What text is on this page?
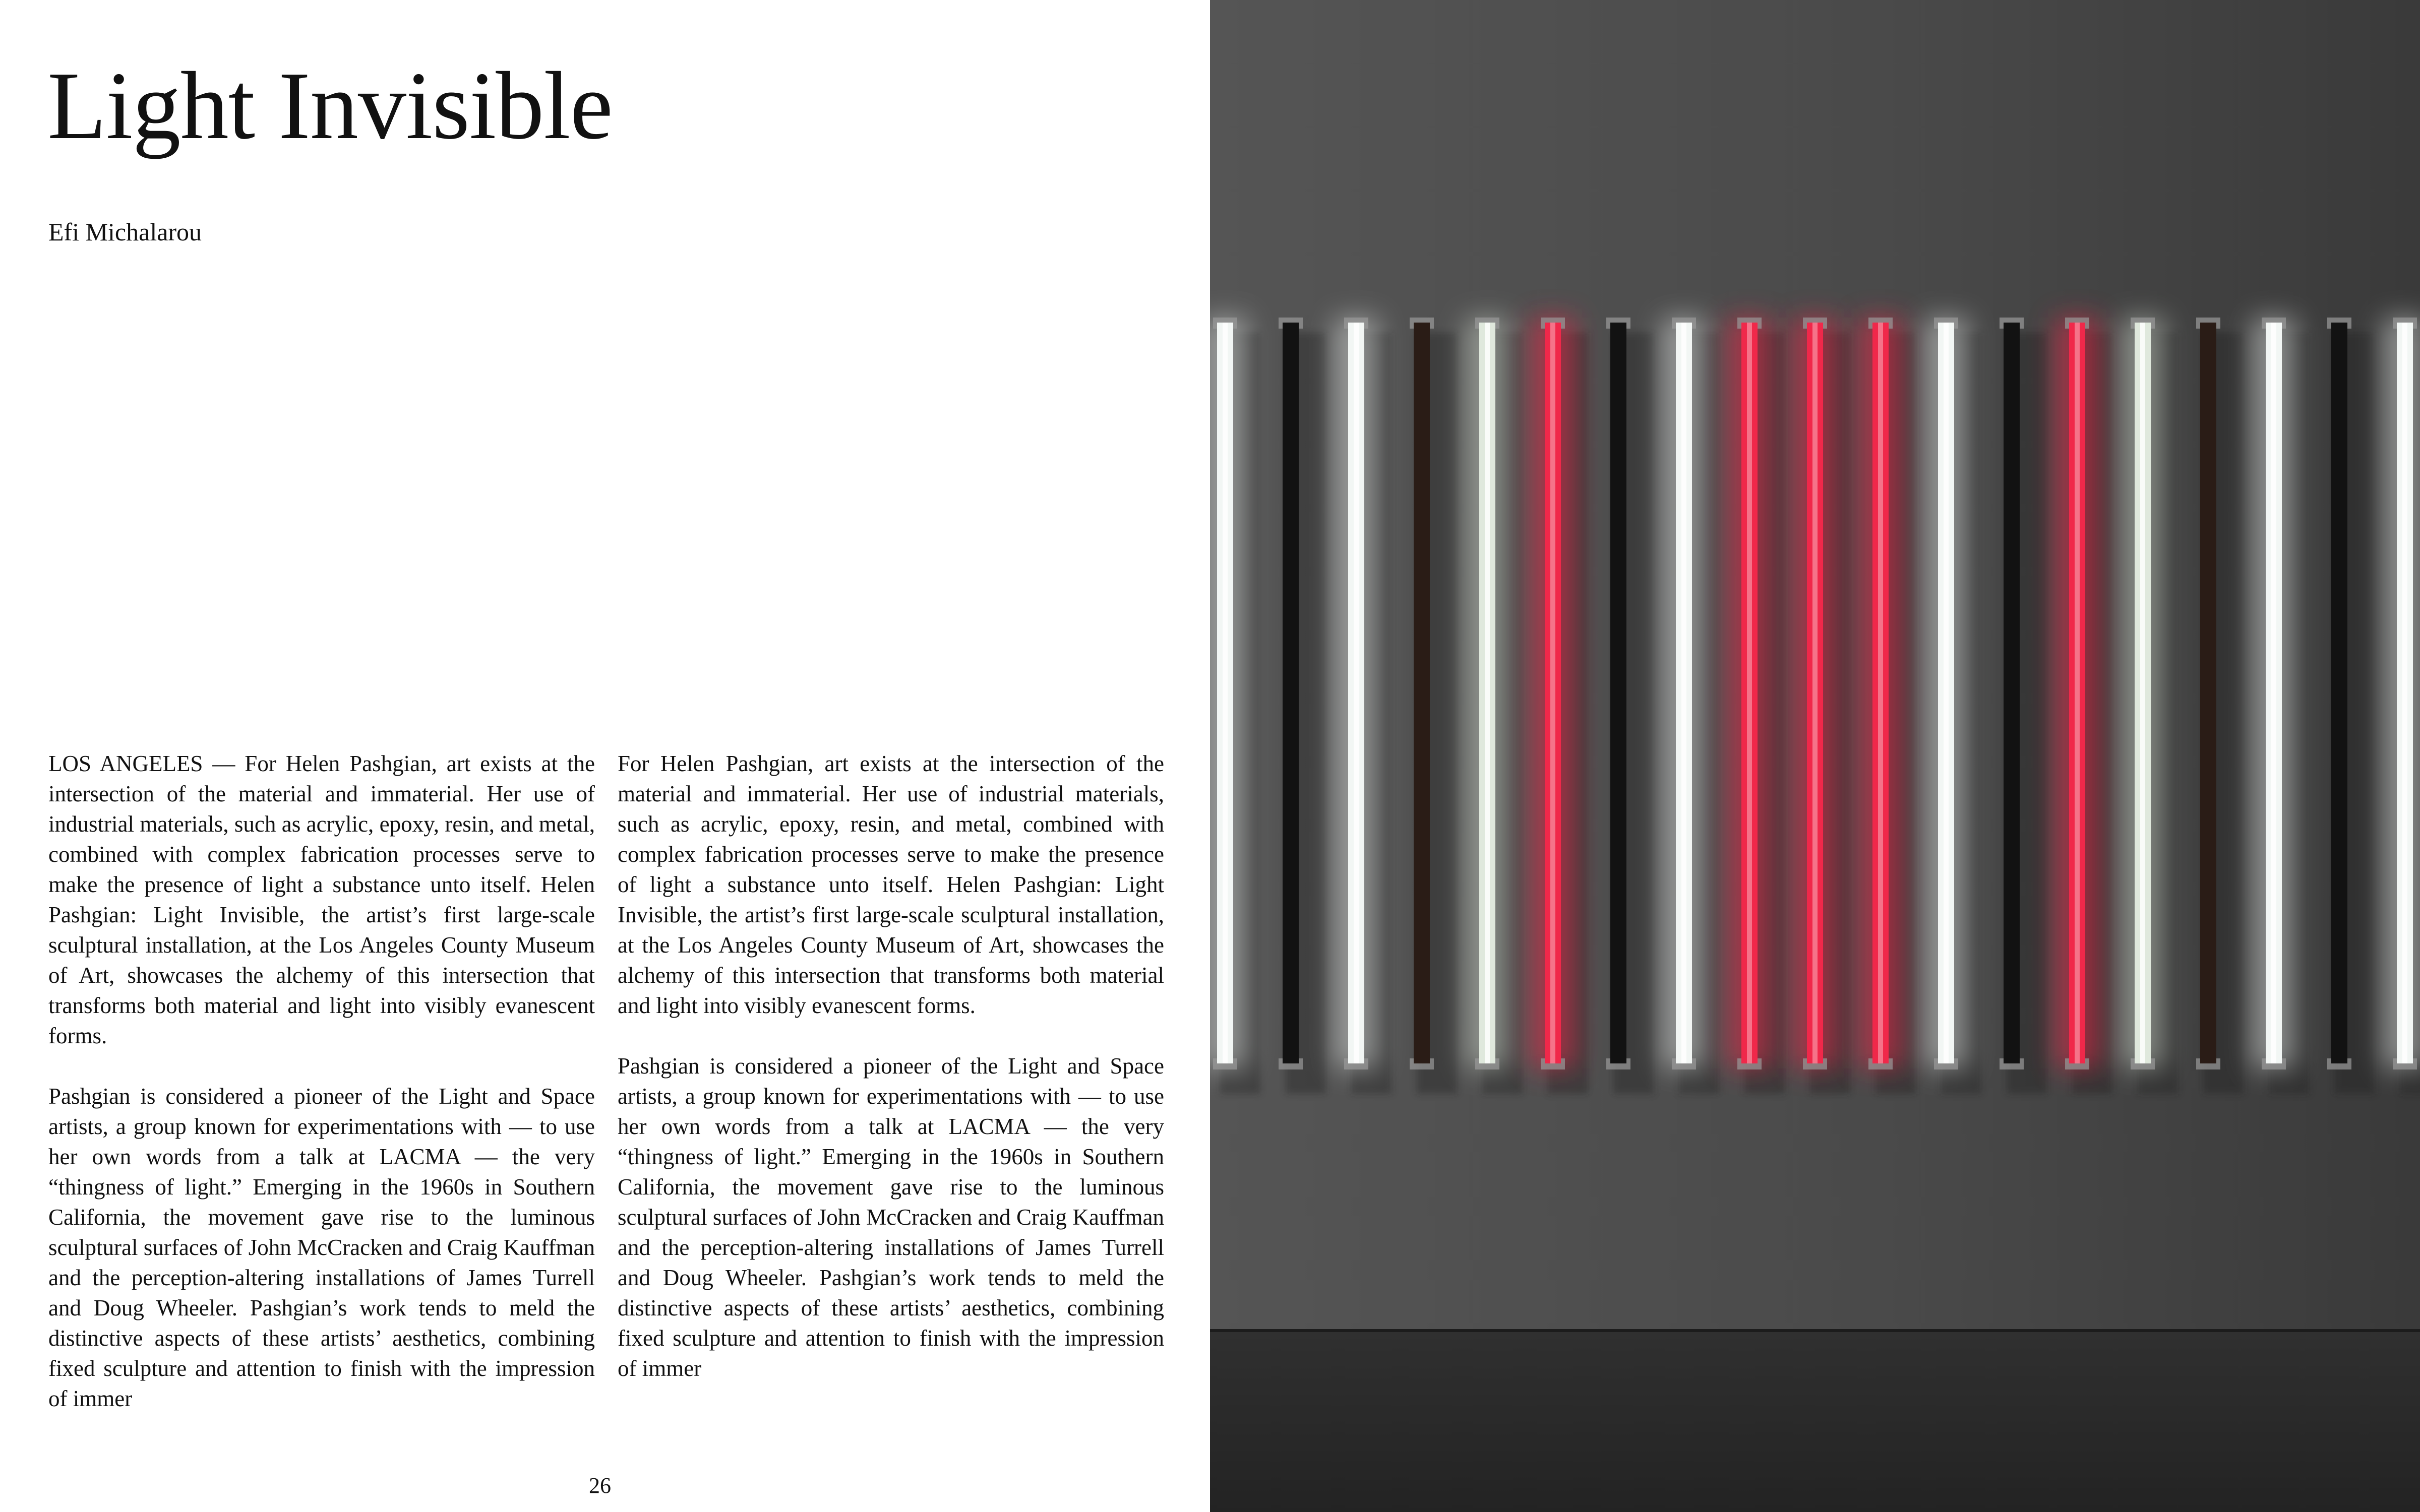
Light Invisible
Efi Michalarou

LOS ANGELES — For Helen Pashgian, art exists at the intersection of the material and immaterial. Her use of industrial materials, such as acrylic, epoxy, resin, and metal, combined with complex fabrication processes serve to make the presence of light a substance unto itself. Helen Pashgian: Light Invisible, the artist’s first large-scale sculptural installation, at the Los Angeles County Museum of Art, showcases the alchemy of this intersection that transforms both material and light into visibly evanescent forms.

Pashgian is considered a pioneer of the Light and Space artists, a group known for experimentations with — to use her own words from a talk at LACMA — the very “thingness of light.” Emerging in the 1960s in Southern California, the movement gave rise to the luminous sculptural surfaces of John McCracken and Craig Kauffman and the perception-altering installations of James Turrell and Doug Wheeler. Pashgian’s work tends to meld the distinctive aspects of these artists’ aesthetics, combining fixed sculpture and attention to finish with the impression of immer

For Helen Pashgian, art exists at the intersection of the material and immaterial. Her use of industrial materials, such as acrylic, epoxy, resin, and metal, combined with complex fabrication processes serve to make the presence of light a substance unto itself. Helen Pashgian: Light Invisible, the artist’s first large-scale sculptural installation, at the Los Angeles County Museum of Art, showcases the alchemy of this intersection that transforms both material and light into visibly evanescent forms.

Pashgian is considered a pioneer of the Light and Space artists, a group known for experimentations with — to use her own words from a talk at LACMA — the very “thingness of light.” Emerging in the 1960s in Southern California, the movement gave rise to the luminous sculptural surfaces of John McCracken and Craig Kauffman and the perception-altering installations of James Turrell and Doug Wheeler. Pashgian’s work tends to meld the distinctive aspects of these artists’ aesthetics, combining fixed sculpture and attention to finish with the impression of immer

26
